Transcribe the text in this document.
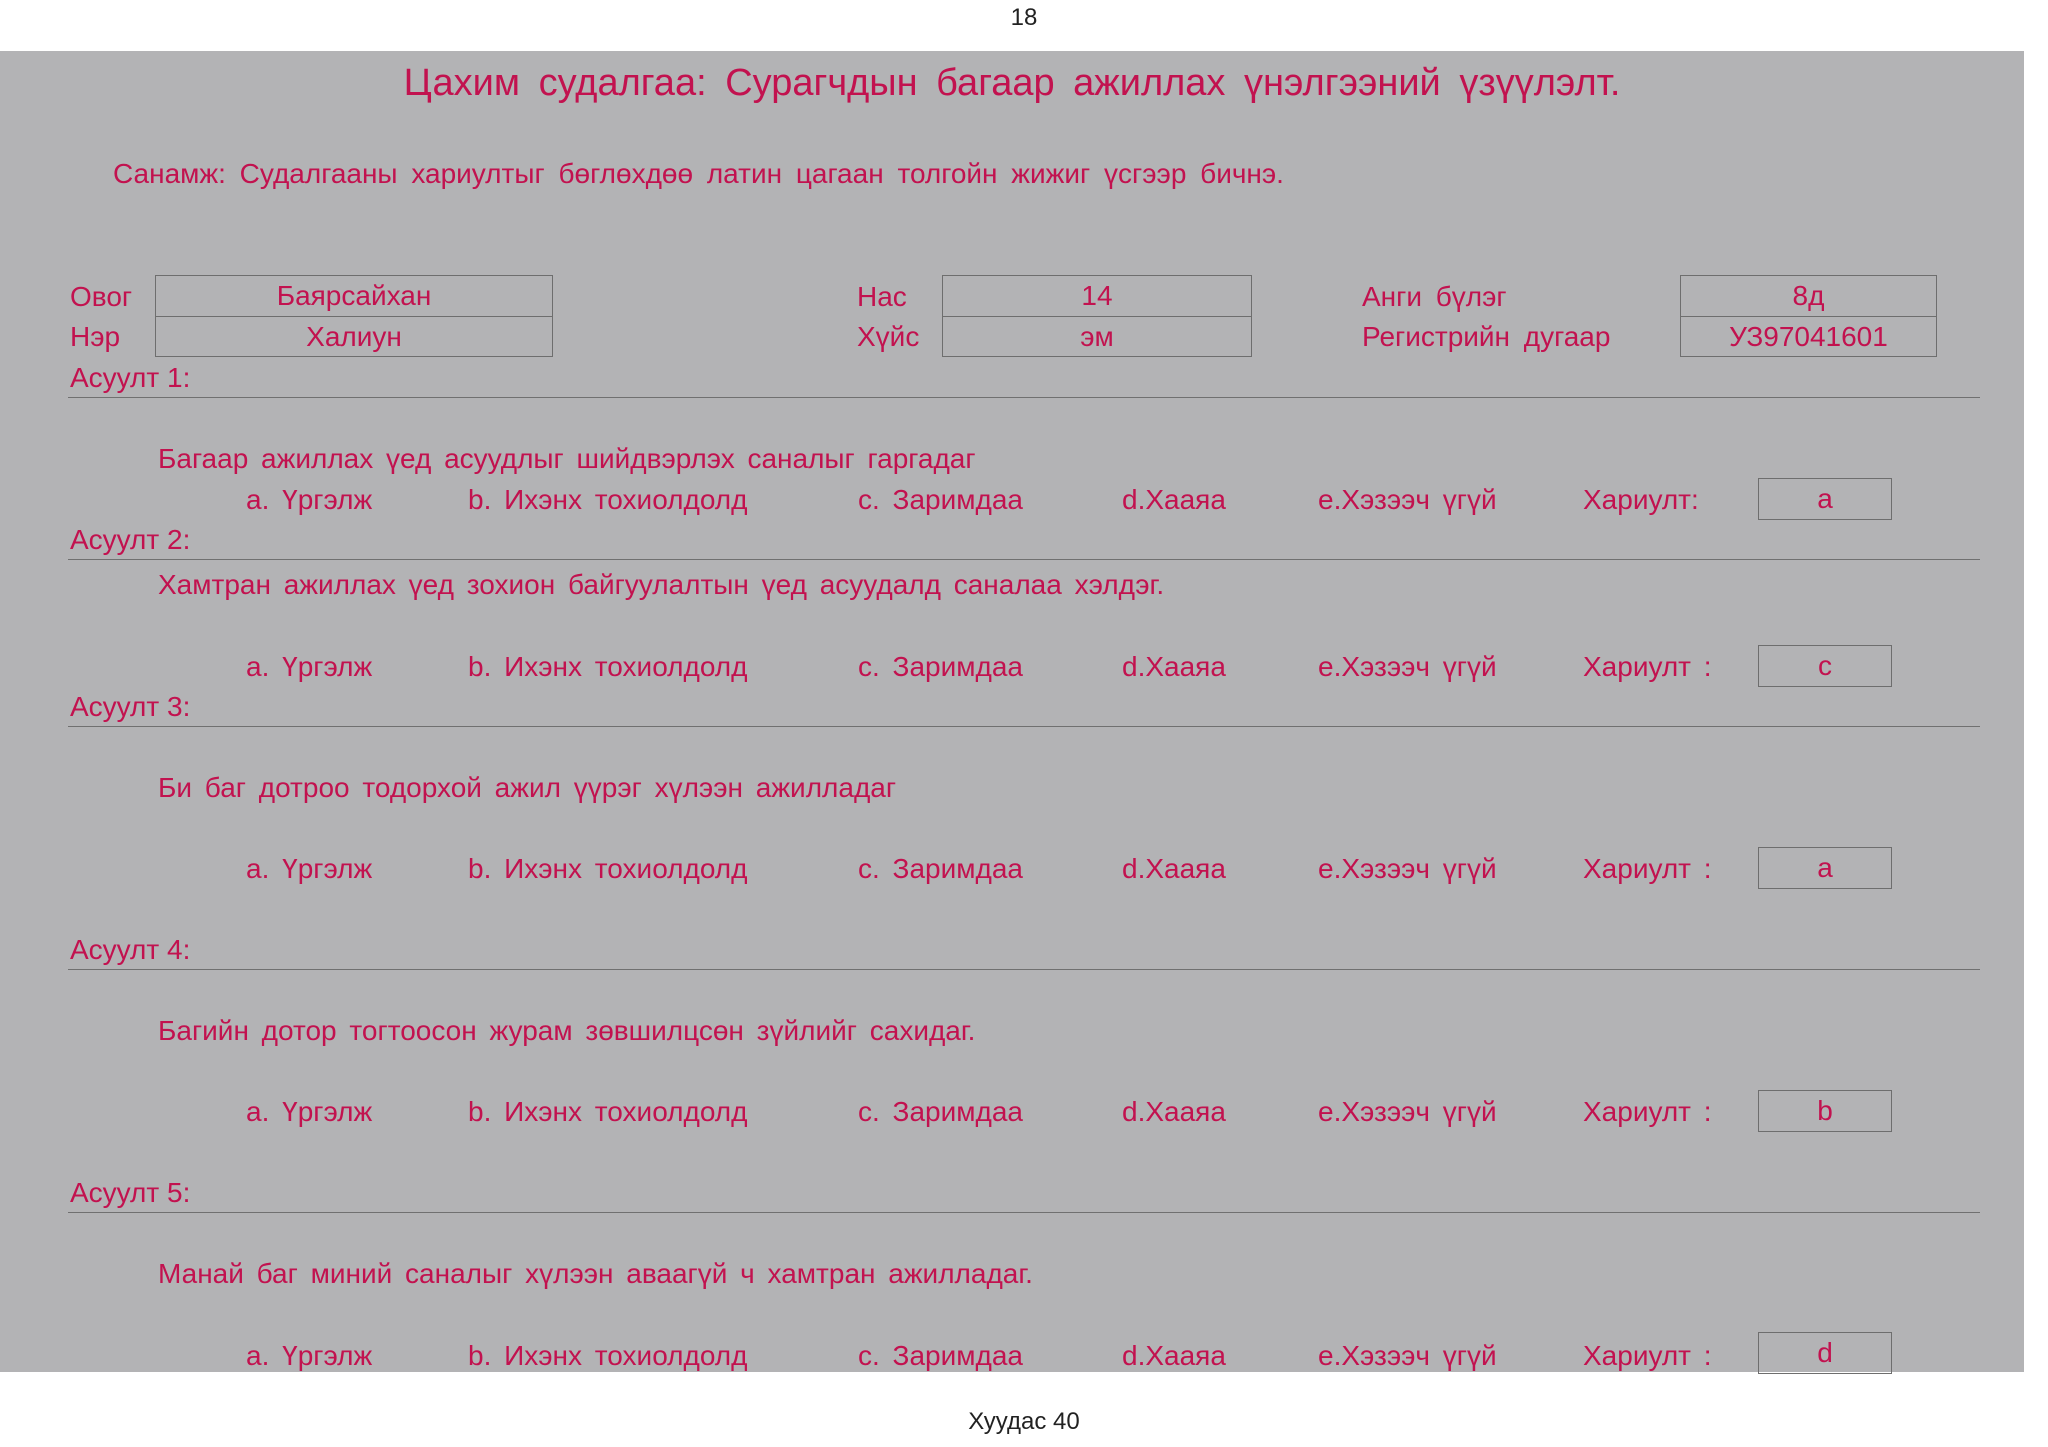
18
Цахим судалгаа: Сурагчдын багаар ажиллах үнэлгээний үзүүлэлт.
Санамж: Судалгааны хариултыг бөглөхдөө латин цагаан толгойн жижиг үсгээр бичнэ.
Овог	Баярсайхан
Нэр	Халиун
Нас	14
Хүйс	эм
Анги бүлэг	8д
Регистрийн дугаар	УЗ97041601
Асуулт 1:
Багаар ажиллах үед асуудлыг шийдвэрлэх саналыг гаргадаг
a. Үргэлж	b. Ихэнх тохиолдолд	c. Заримдаа	d.Хааяа	e.Хэзээч үгүй	Хариулт:	a
Асуулт 2:
Хамтран ажиллах үед зохион байгуулалтын үед асуудалд саналаа хэлдэг.
a. Үргэлж	b. Ихэнх тохиолдолд	c. Заримдаа	d.Хааяа	e.Хэзээч үгүй	Хариулт :	c
Асуулт 3:
Би баг дотроо тодорхой ажил үүрэг хүлээн ажилладаг
a. Үргэлж	b. Ихэнх тохиолдолд	c. Заримдаа	d.Хааяа	e.Хэзээч үгүй	Хариулт :	a
Асуулт 4:
Багийн дотор тогтоосон журам зөвшилцсөн зүйлийг сахидаг.
a. Үргэлж	b. Ихэнх тохиолдолд	c. Заримдаа	d.Хааяа	e.Хэзээч үгүй	Хариулт :	b
Асуулт 5:
Манай баг миний саналыг хүлээн аваагүй ч хамтран ажилладаг.
a. Үргэлж	b. Ихэнх тохиолдолд	c. Заримдаа	d.Хааяа	e.Хэзээч үгүй	Хариулт :	d
Хуудас 40
